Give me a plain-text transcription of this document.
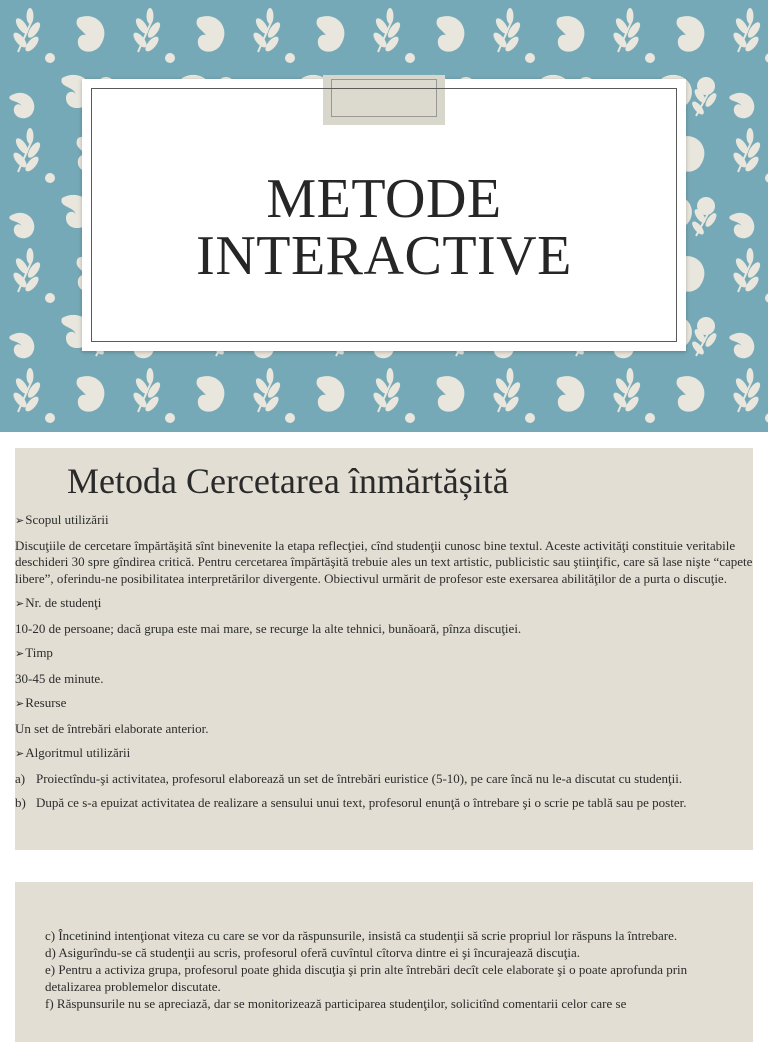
METODE
INTERACTIVE
Metoda Cercetarea înmărtășită

➢ Scopul utilizării

Discuţiile de cercetare împărtăşită sînt binevenite la etapa reflecţiei, cînd studenţii cunosc bine textul. Aceste activităţi constituie veritabile deschideri 30 spre gîndirea critică. Pentru cercetarea împărtăşită trebuie ales un text artistic, publicistic sau ştiinţific, care să lase nişte “capete libere”, oferindu-ne posibilitatea interpretărilor divergente. Obiectivul urmărit de profesor este exersarea abilităţilor de a purta o discuţie.

➢ Nr. de studenţi

10-20 de persoane; dacă grupa este mai mare, se recurge la alte tehnici, bunăoară, pînza discuţiei.

➢ Timp

30-45 de minute.

➢ Resurse

Un set de întrebări elaborate anterior.

➢ Algoritmul utilizării

a) Proiectîndu-şi activitatea, profesorul elaborează un set de întrebări euristice (5-10), pe care încă nu le-a discutat cu studenţii.
b) După ce s-a epuizat activitatea de realizare a sensului unui text, profesorul enunţă o întrebare şi o scrie pe tablă sau pe poster.

c) Încetinind intenţionat viteza cu care se vor da răspunsurile, insistă ca studenţii să scrie propriul lor răspuns la întrebare.

d) Asigurîndu-se că studenţii au scris, profesorul oferă cuvîntul cîtorva dintre ei şi încurajează discuţia.

e) Pentru a activiza grupa, profesorul poate ghida discuţia şi prin alte întrebări decît cele elaborate şi o poate aprofunda prin detalizarea problemelor discutate.

f) Răspunsurile nu se apreciază, dar se monitorizează participarea studenţilor, solicitînd comentarii celor care se
